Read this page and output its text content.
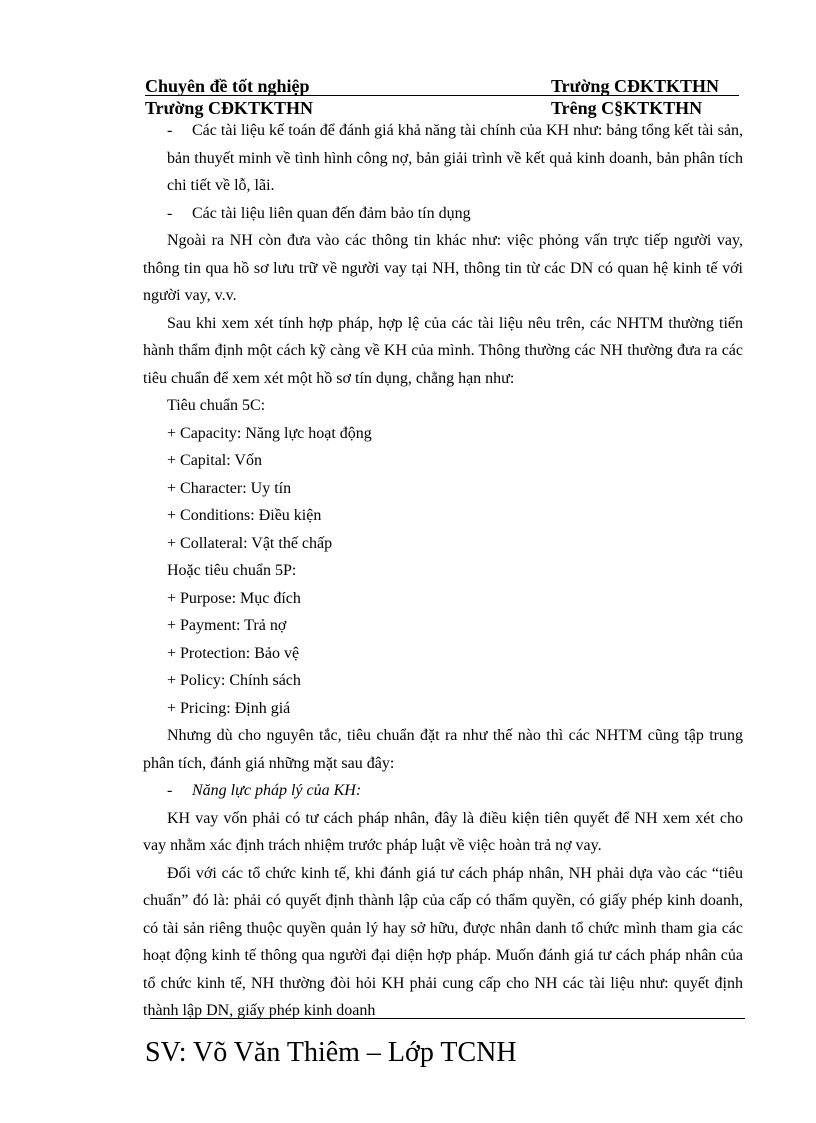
Chuyên đề tốt nghiệp	Trường CĐKTKTHN
Trường CĐKTKTHN	Trêng C§KTKTHN

- Các tài liệu kế toán để đánh giá khả năng tài chính của KH như: bảng tổng kết tài sản, bản thuyết minh về tình hình công nợ, bản giải trình về kết quả kinh doanh, bản phân tích chi tiết về lỗ, lãi.

- Các tài liệu liên quan đến đảm bảo tín dụng

Ngoài ra NH còn đưa vào các thông tin khác như: việc phỏng vấn trực tiếp người vay, thông tin qua hồ sơ lưu trữ về người vay tại NH, thông tin từ các DN có quan hệ kinh tế với người vay, v.v.

Sau khi xem xét tính hợp pháp, hợp lệ của các tài liệu nêu trên, các NHTM thường tiến hành thẩm định một cách kỹ càng về KH của mình. Thông thường các NH thường đưa ra các tiêu chuẩn để xem xét một hồ sơ tín dụng, chẳng hạn như:

Tiêu chuẩn 5C:

+ Capacity: Năng lực hoạt động

+ Capital: Vốn

+ Character: Uy tín

+ Conditions: Điều kiện

+ Collateral: Vật thế chấp

Hoặc tiêu chuẩn 5P:

+ Purpose: Mục đích

+ Payment: Trả nợ

+ Protection: Bảo vệ

+ Policy: Chính sách

+ Pricing: Định giá

Nhưng dù cho nguyên tắc, tiêu chuẩn đặt ra như thế nào thì các NHTM cũng tập trung phân tích, đánh giá những mặt sau đây:

- Năng lực pháp lý của KH:

KH vay vốn phải có tư cách pháp nhân, đây là điều kiện tiên quyết để NH xem xét cho vay nhằm xác định trách nhiệm trước pháp luật về việc hoàn trả nợ vay.

Đối với các tổ chức kinh tế, khi đánh giá tư cách pháp nhân, NH phải dựa vào các “tiêu chuẩn” đó là: phải có quyết định thành lập của cấp có thẩm quyền, có giấy phép kinh doanh, có tài sản riêng thuộc quyền quản lý hay sở hữu, được nhân danh tổ chức mình tham gia các hoạt động kinh tế thông qua người đại diện hợp pháp. Muốn đánh giá tư cách pháp nhân của tổ chức kinh tế, NH thường đòi hỏi KH phải cung cấp cho NH các tài liệu như: quyết định thành lập DN, giấy phép kinh doanh

SV: Võ Văn Thiêm – Lớp TCNH
